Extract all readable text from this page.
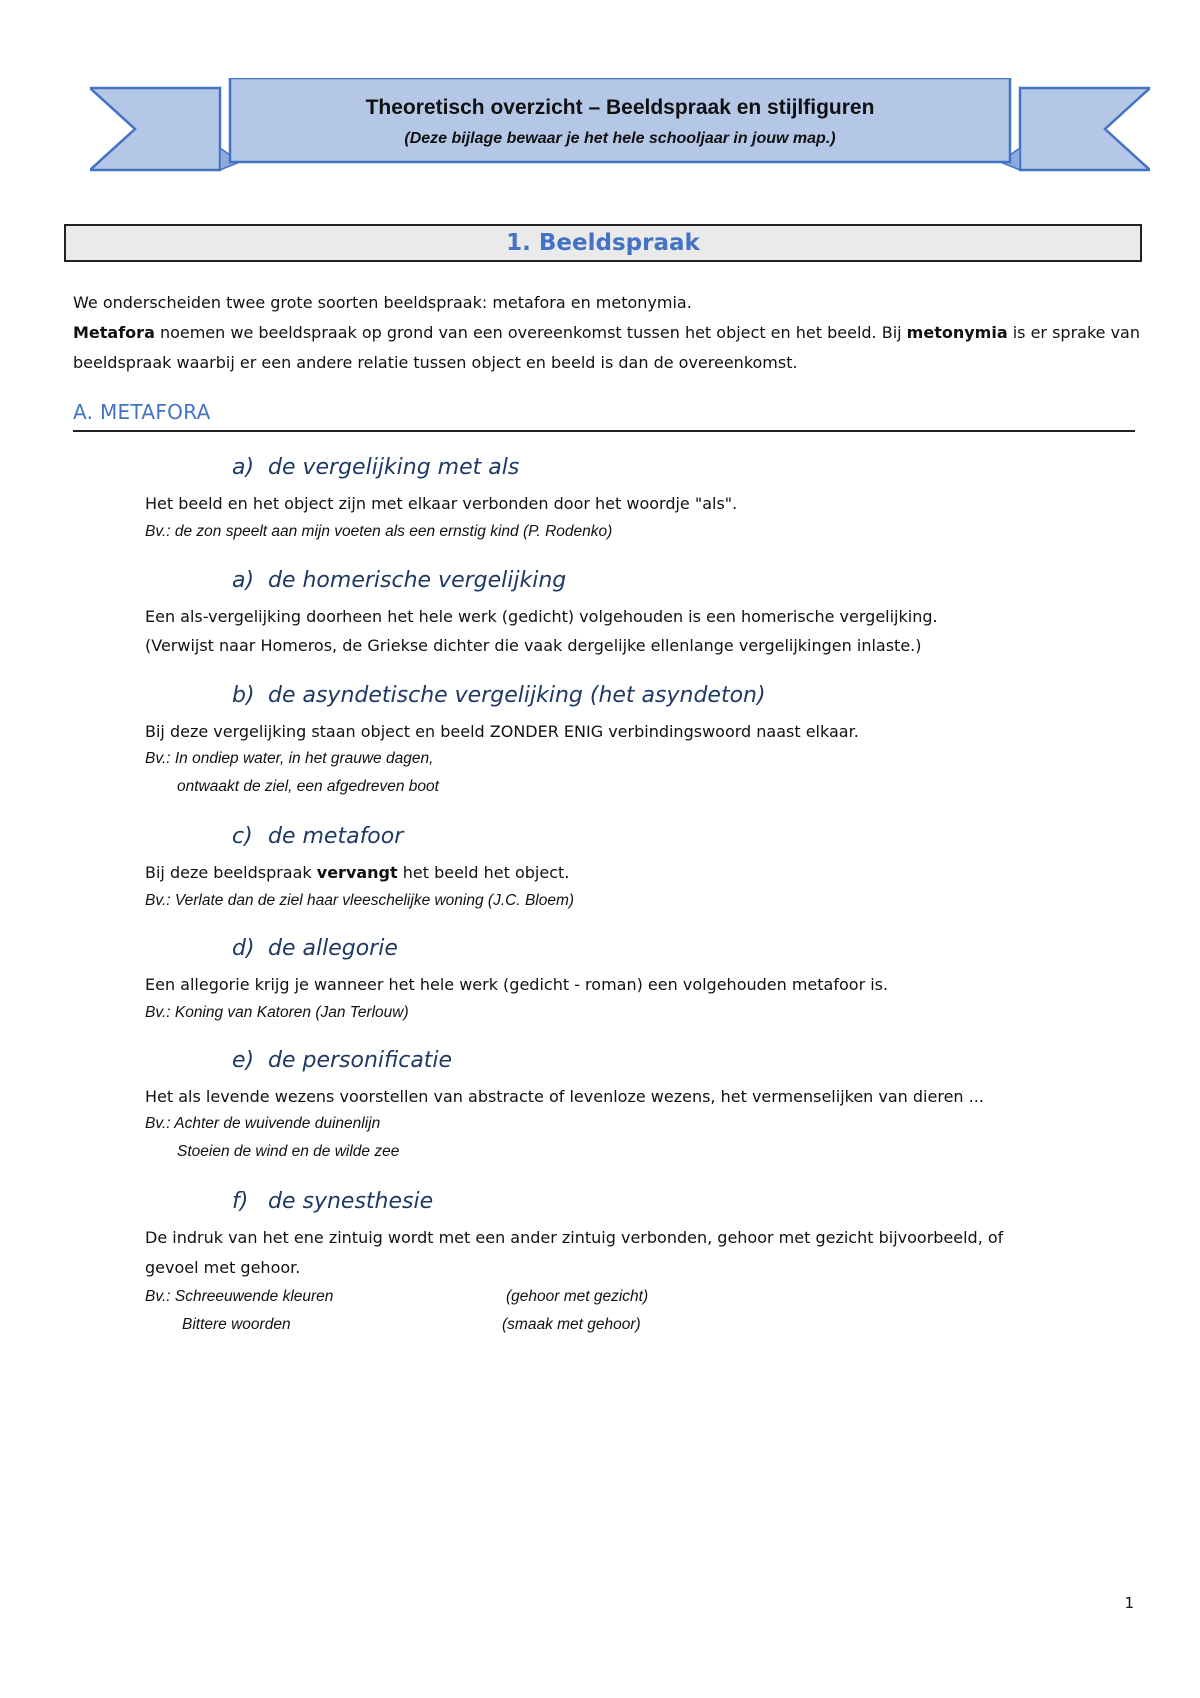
Theoretisch overzicht – Beeldspraak en stijlfiguren
(Deze bijlage bewaar je het hele schooljaar in jouw map.)
1. Beeldspraak
We onderscheiden twee grote soorten beeldspraak: metafora en metonymia.
Metafora noemen we beeldspraak op grond van een overeenkomst tussen het object en het beeld. Bij metonymia is er sprake van beeldspraak waarbij er een andere relatie tussen object en beeld is dan de overeenkomst.
A. METAFORA
a) de vergelijking met als
Het beeld en het object zijn met elkaar verbonden door het woordje "als".
Bv.: de zon speelt aan mijn voeten als een ernstig kind (P. Rodenko)
a) de homerische vergelijking
Een als-vergelijking doorheen het hele werk (gedicht) volgehouden is een homerische vergelijking.
(Verwijst naar Homeros, de Griekse dichter die vaak dergelijke ellenlange vergelijkingen inlaste.)
b) de asyndetische vergelijking (het asyndeton)
Bij deze vergelijking staan object en beeld ZONDER ENIG verbindingswoord naast elkaar.
Bv.: In ondiep water, in het grauwe dagen,
ontwaakt de ziel, een afgedreven boot
c) de metafoor
Bij deze beeldspraak vervangt het beeld het object.
Bv.: Verlate dan de ziel haar vleeschelijke woning (J.C. Bloem)
d) de allegorie
Een allegorie krijg je wanneer het hele werk (gedicht - roman) een volgehouden metafoor is.
Bv.: Koning van Katoren (Jan Terlouw)
e) de personificatie
Het als levende wezens voorstellen van abstracte of levenloze wezens, het vermenselijken van dieren ...
Bv.: Achter de wuivende duinenlijn
Stoeien de wind en de wilde zee
f) de synesthesie
De indruk van het ene zintuig wordt met een ander zintuig verbonden, gehoor met gezicht bijvoorbeeld, of
gevoel met gehoor.
Bv.: Schreeuwende kleuren	(gehoor met gezicht)
Bittere woorden	(smaak met gehoor)
1
